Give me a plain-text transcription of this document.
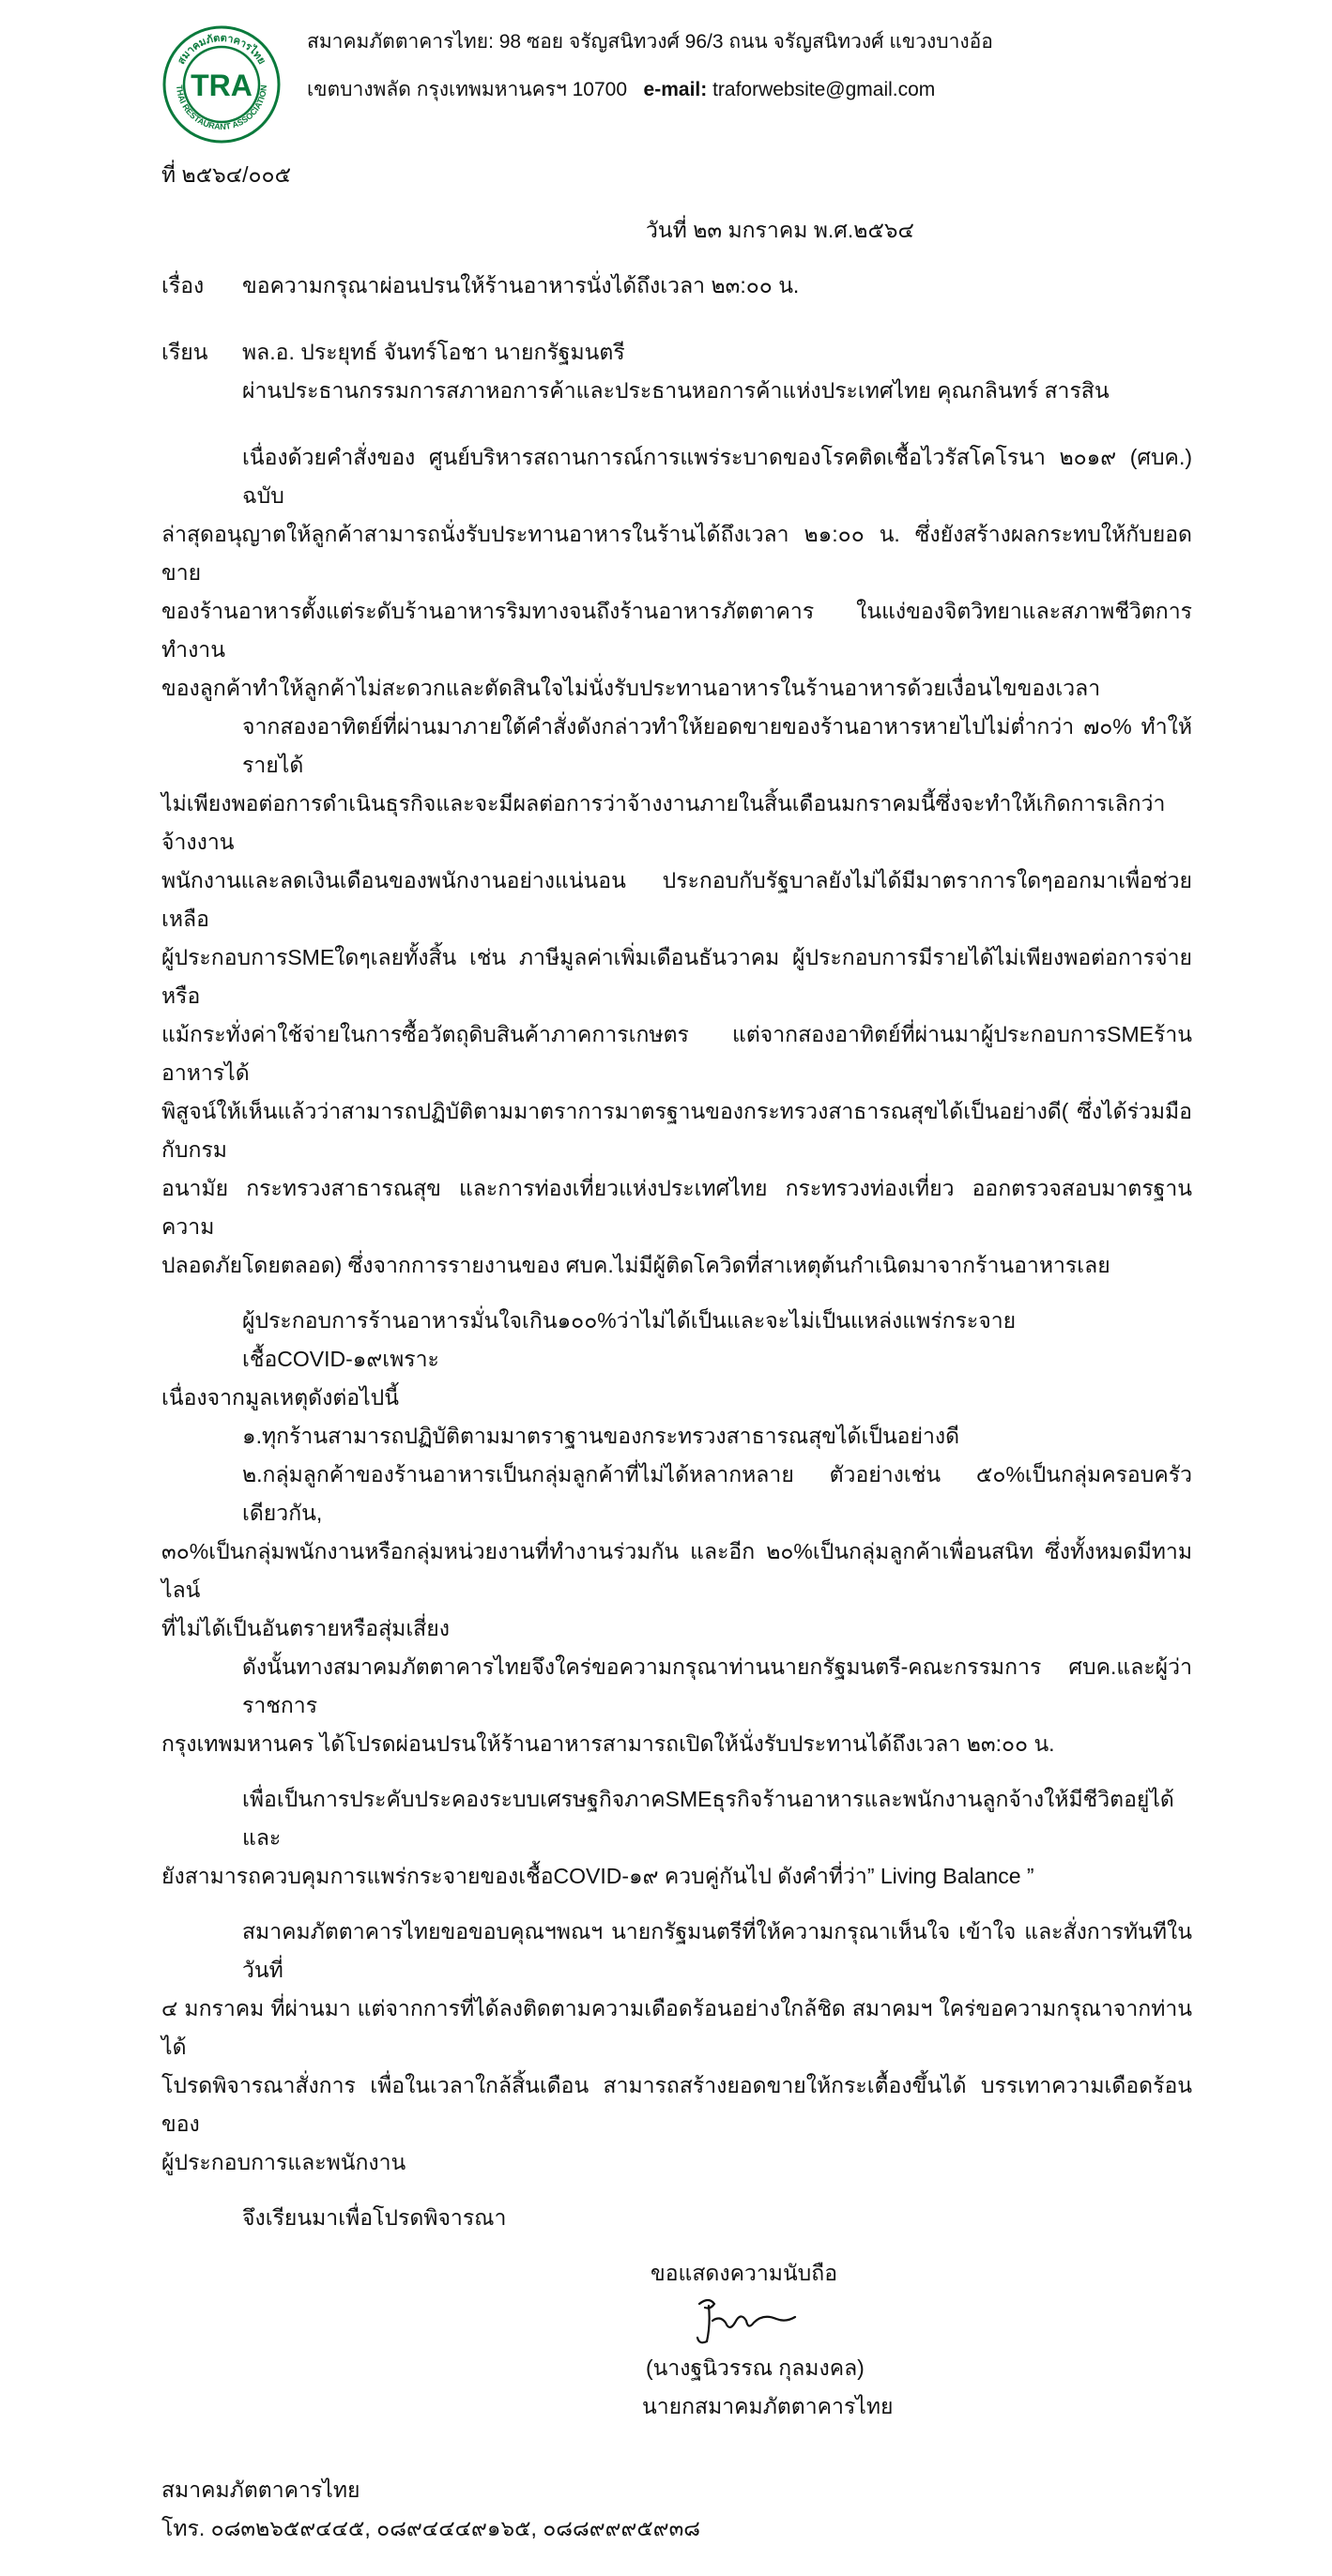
สมาคมภัตตาคารไทย
THAI RESTAURANT ASSOCIATION
TRA
สมาคมภัตตาคารไทย: 98 ซอย จรัญสนิทวงศ์ 96/3 ถนน จรัญสนิทวงศ์ แขวงบางอ้อ
เขตบางพลัด กรุงเทพมหานครฯ 10700 e-mail: traforwebsite@gmail.com
ที่ ๒๕๖๔/๐๐๕
วันที่ ๒๓ มกราคม พ.ศ.๒๕๖๔
เรื่อง ขอความกรุณาผ่อนปรนให้ร้านอาหารนั่งได้ถึงเวลา ๒๓:๐๐ น.
เรียน พล.อ. ประยุทธ์ จันทร์โอชา นายกรัฐมนตรี
ผ่านประธานกรรมการสภาหอการค้าและประธานหอการค้าแห่งประเทศไทย คุณกลินทร์ สารสิน
เนื่องด้วยคำสั่งของ ศูนย์บริหารสถานการณ์การแพร่ระบาดของโรคติดเชื้อไวรัสโคโรนา ๒๐๑๙ (ศบค.) ฉบับ
ล่าสุดอนุญาตให้ลูกค้าสามารถนั่งรับประทานอาหารในร้านได้ถึงเวลา ๒๑:๐๐ น. ซึ่งยังสร้างผลกระทบให้กับยอดขาย
ของร้านอาหารตั้งแต่ระดับร้านอาหารริมทางจนถึงร้านอาหารภัตตาคาร ในแง่ของจิตวิทยาและสภาพชีวิตการทำงาน
ของลูกค้าทำให้ลูกค้าไม่สะดวกและตัดสินใจไม่นั่งรับประทานอาหารในร้านอาหารด้วยเงื่อนไขของเวลา
จากสองอาทิตย์ที่ผ่านมาภายใต้คำสั่งดังกล่าวทำให้ยอดขายของร้านอาหารหายไปไม่ต่ำกว่า ๗๐% ทำให้รายได้
ไม่เพียงพอต่อการดำเนินธุรกิจและจะมีผลต่อการว่าจ้างงานภายในสิ้นเดือนมกราคมนี้ซึ่งจะทำให้เกิดการเลิกว่าจ้างงาน
พนักงานและลดเงินเดือนของพนักงานอย่างแน่นอน ประกอบกับรัฐบาลยังไม่ได้มีมาตราการใดๆออกมาเพื่อช่วยเหลือ
ผู้ประกอบการSMEใดๆเลยทั้งสิ้น เช่น ภาษีมูลค่าเพิ่มเดือนธันวาคม ผู้ประกอบการมีรายได้ไม่เพียงพอต่อการจ่ายหรือ
แม้กระทั่งค่าใช้จ่ายในการซื้อวัตถุดิบสินค้าภาคการเกษตร แต่จากสองอาทิตย์ที่ผ่านมาผู้ประกอบการSMEร้านอาหารได้
พิสูจน์ให้เห็นแล้วว่าสามารถปฏิบัติตามมาตราการมาตรฐานของกระทรวงสาธารณสุขได้เป็นอย่างดี( ซึ่งได้ร่วมมือกับกรม
อนามัย กระทรวงสาธารณสุข และการท่องเที่ยวแห่งประเทศไทย กระทรวงท่องเที่ยว ออกตรวจสอบมาตรฐานความ
ปลอดภัยโดยตลอด) ซึ่งจากการรายงานของ ศบค.ไม่มีผู้ติดโควิดที่สาเหตุต้นกำเนิดมาจากร้านอาหารเลย
ผู้ประกอบการร้านอาหารมั่นใจเกิน๑๐๐%ว่าไม่ได้เป็นและจะไม่เป็นแหล่งแพร่กระจายเชื้อCOVID-๑๙เพราะ
เนื่องจากมูลเหตุดังต่อไปนี้
๑.ทุกร้านสามารถปฏิบัติตามมาตราฐานของกระทรวงสาธารณสุขได้เป็นอย่างดี
๒.กลุ่มลูกค้าของร้านอาหารเป็นกลุ่มลูกค้าที่ไม่ได้หลากหลาย ตัวอย่างเช่น ๕๐%เป็นกลุ่มครอบครัวเดียวกัน,
๓๐%เป็นกลุ่มพนักงานหรือกลุ่มหน่วยงานที่ทำงานร่วมกัน และอีก ๒๐%เป็นกลุ่มลูกค้าเพื่อนสนิท ซึ่งทั้งหมดมีทามไลน์
ที่ไม่ได้เป็นอันตรายหรือสุ่มเสี่ยง
ดังนั้นทางสมาคมภัตตาคารไทยจึงใคร่ขอความกรุณาท่านนายกรัฐมนตรี-คณะกรรมการ ศบค.และผู้ว่าราชการ
กรุงเทพมหานคร ได้โปรดผ่อนปรนให้ร้านอาหารสามารถเปิดให้นั่งรับประทานได้ถึงเวลา ๒๓:๐๐ น.
เพื่อเป็นการประคับประคองระบบเศรษฐกิจภาคSMEธุรกิจร้านอาหารและพนักงานลูกจ้างให้มีชีวิตอยู่ได้และ
ยังสามารถควบคุมการแพร่กระจายของเชื้อCOVID-๑๙ ควบคู่กันไป ดังคำที่ว่า” Living Balance ”
สมาคมภัตตาคารไทยขอขอบคุณฯพณฯ นายกรัฐมนตรีที่ให้ความกรุณาเห็นใจ เข้าใจ และสั่งการทันทีในวันที่
๔ มกราคม ที่ผ่านมา แต่จากการที่ได้ลงติดตามความเดือดร้อนอย่างใกล้ชิด สมาคมฯ ใคร่ขอความกรุณาจากท่านได้
โปรดพิจารณาสั่งการ เพื่อในเวลาใกล้สิ้นเดือน สามารถสร้างยอดขายให้กระเตื้องขึ้นได้ บรรเทาความเดือดร้อนของ
ผู้ประกอบการและพนักงาน
จึงเรียนมาเพื่อโปรดพิจารณา
ขอแสดงความนับถือ
(นางฐนิวรรณ กุลมงคล)
นายกสมาคมภัตตาคารไทย
สมาคมภัตตาคารไทย
โทร. ๐๘๓๒๖๕๙๔๔๕, ๐๘๙๔๔๔๙๑๖๕, ๐๘๘๙๙๙๕๙๓๘
